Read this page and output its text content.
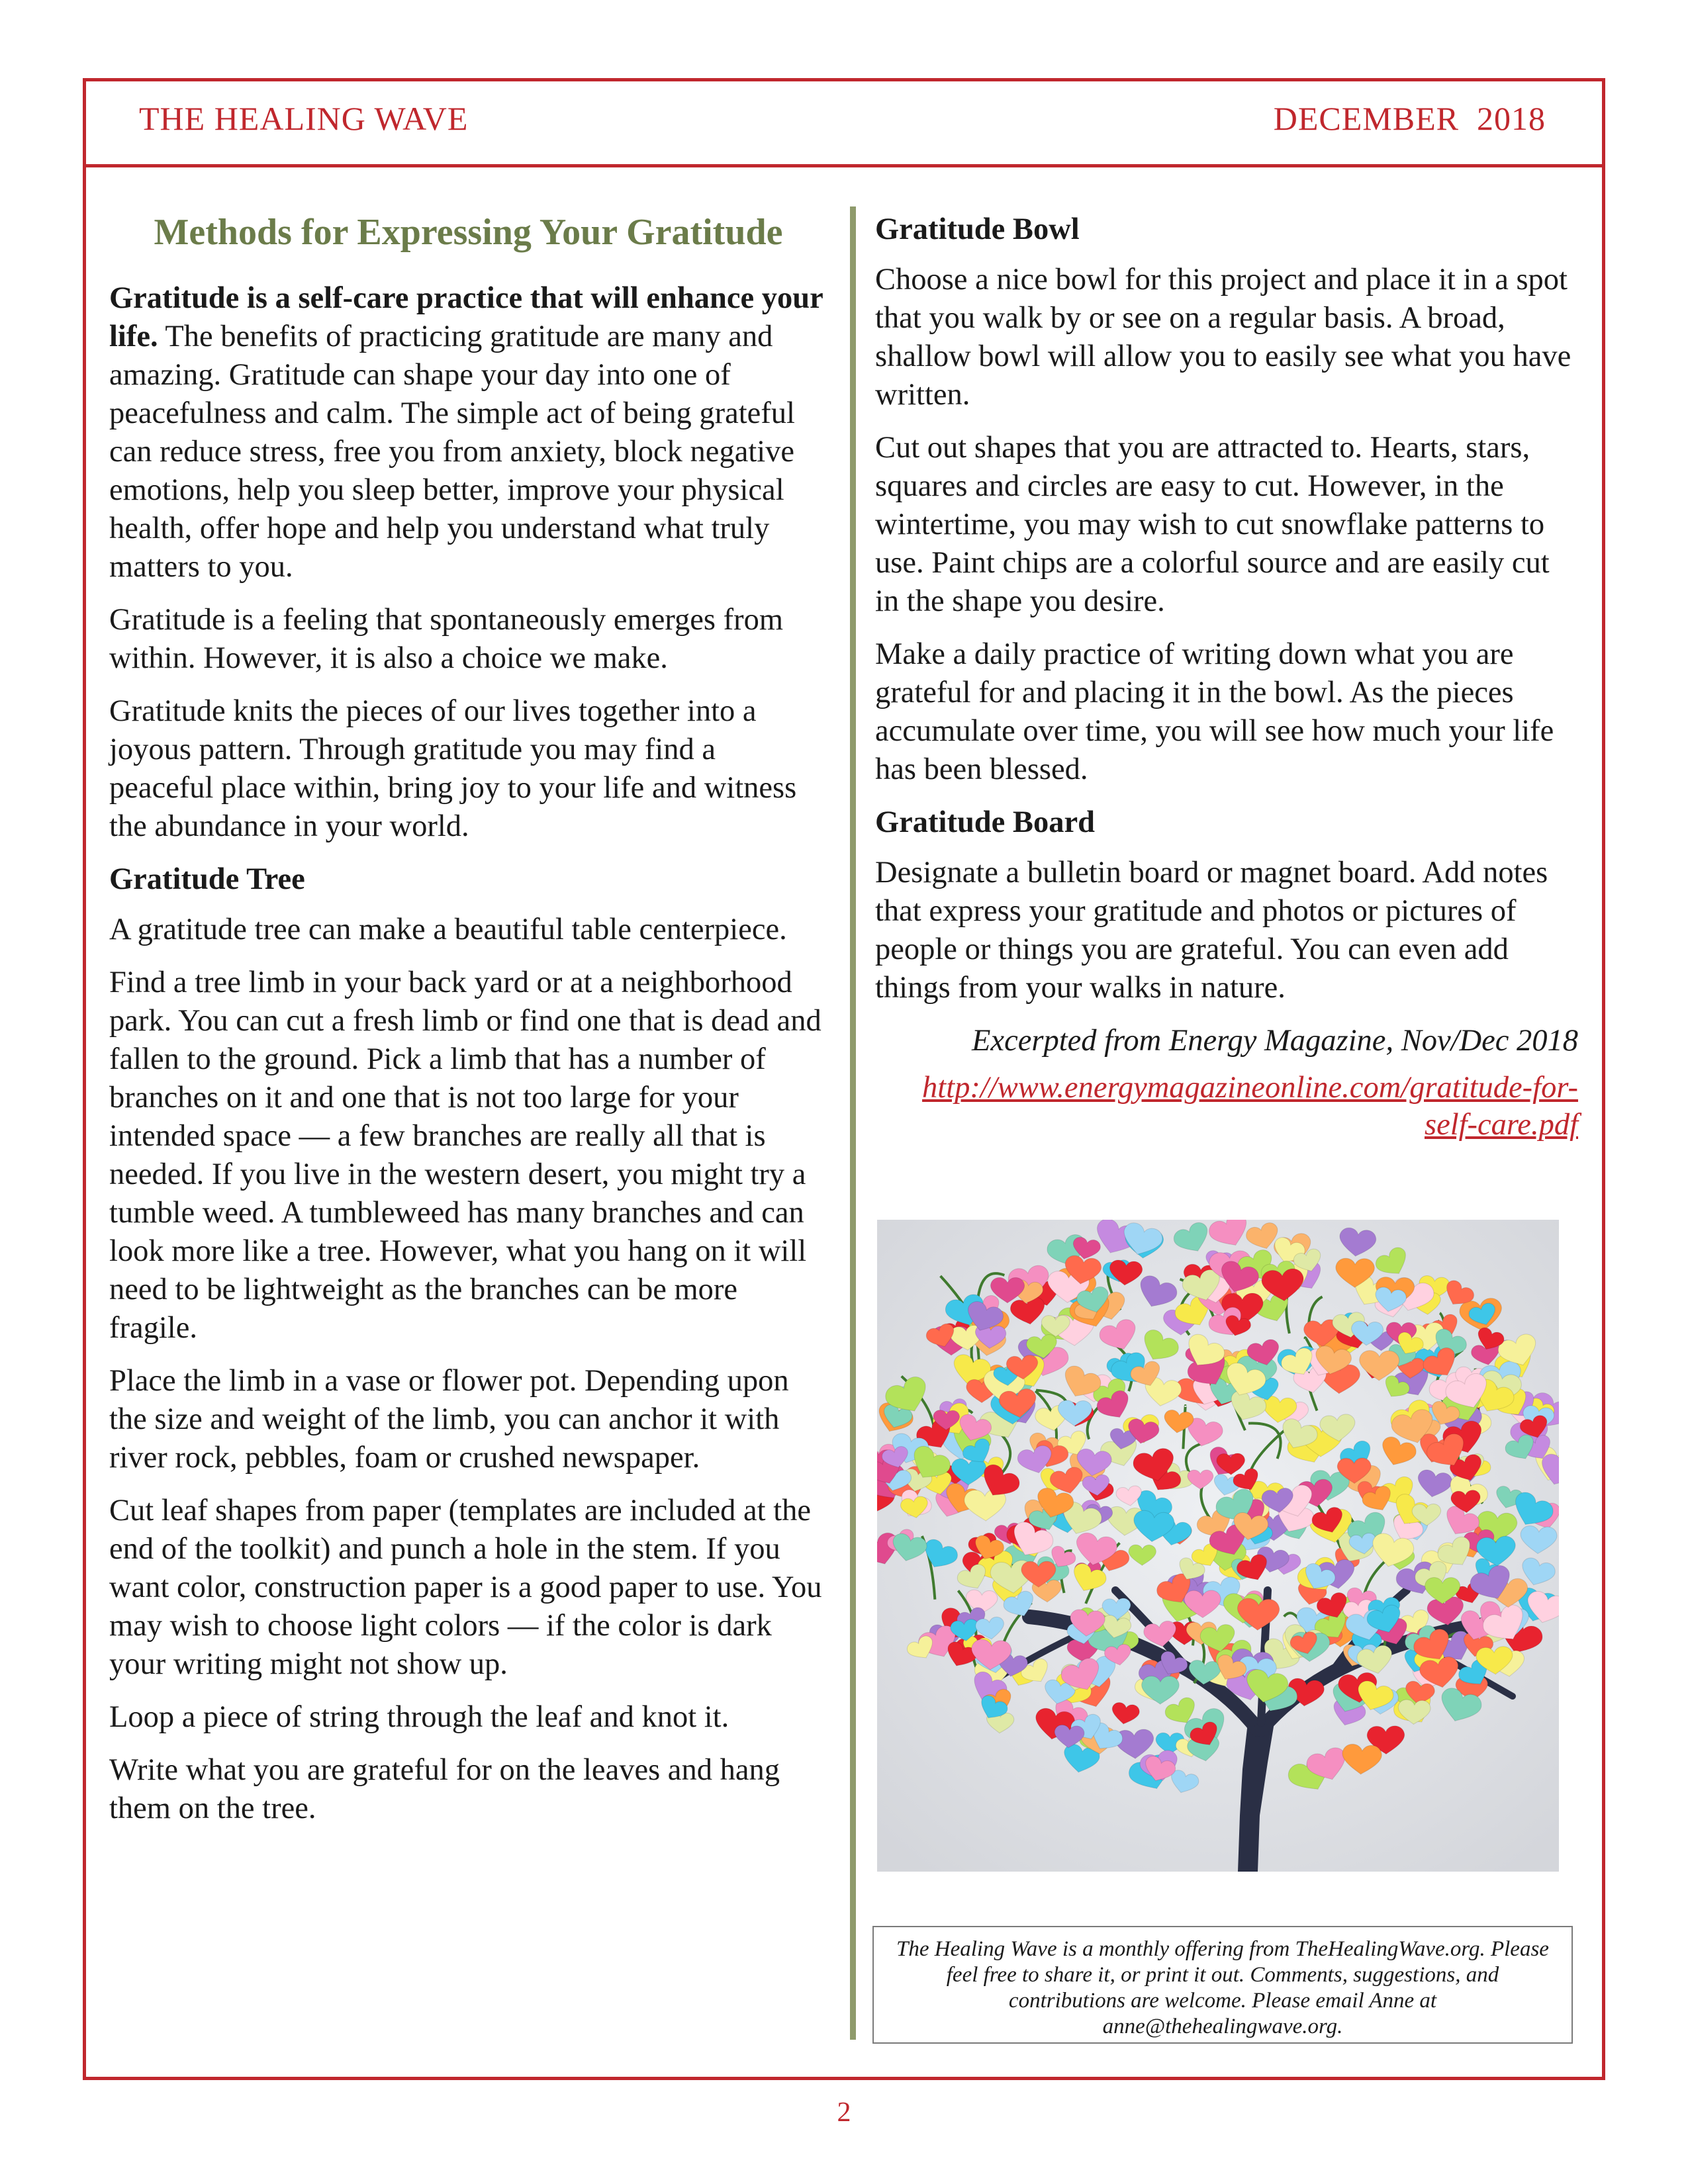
THE HEALING WAVE	DECEMBER  2018
Methods for Expressing Your Gratitude

Gratitude is a self-care practice that will enhance your life. The benefits of practicing gratitude are many and amazing. Gratitude can shape your day into one of peacefulness and calm. The simple act of being grateful can reduce stress, free you from anxiety, block negative emotions, help you sleep better, improve your physical health, offer hope and help you understand what truly matters to you.

Gratitude is a feeling that spontaneously emerges from within. However, it is also a choice we make.

Gratitude knits the pieces of our lives together into a joyous pattern. Through gratitude you may find a peaceful place within, bring joy to your life and witness the abundance in your world.

Gratitude Tree

A gratitude tree can make a beautiful table centerpiece.

Find a tree limb in your back yard or at a neighborhood park. You can cut a fresh limb or find one that is dead and fallen to the ground. Pick a limb that has a number of branches on it and one that is not too large for your intended space — a few branches are really all that is needed. If you live in the western desert, you might try a tumble weed. A tumbleweed has many branches and can look more like a tree. However, what you hang on it will need to be lightweight as the branches can be more fragile.

Place the limb in a vase or flower pot. Depending upon the size and weight of the limb, you can anchor it with river rock, pebbles, foam or crushed newspaper.

Cut leaf shapes from paper (templates are included at the end of the toolkit) and punch a hole in the stem. If you want color, construction paper is a good paper to use. You may wish to choose light colors — if the color is dark your writing might not show up.

Loop a piece of string through the leaf and knot it.

Write what you are grateful for on the leaves and hang them on the tree.

Gratitude Bowl

Choose a nice bowl for this project and place it in a spot that you walk by or see on a regular basis. A broad, shallow bowl will allow you to easily see what you have written.

Cut out shapes that you are attracted to. Hearts, stars, squares and circles are easy to cut. However, in the wintertime, you may wish to cut snowflake patterns to use. Paint chips are a colorful source and are easily cut in the shape you desire.

Make a daily practice of writing down what you are grateful for and placing it in the bowl. As the pieces accumulate over time, you will see how much your life has been blessed.

Gratitude Board

Designate a bulletin board or magnet board. Add notes that express your gratitude and photos or pictures of people or things you are grateful. You can even add things from your walks in nature.

Excerpted from Energy Magazine, Nov/Dec 2018
http://www.energymagazineonline.com/gratitude-for-self-care.pdf
The Healing Wave is a monthly offering from TheHealingWave.org. Please feel free to share it, or print it out. Comments, suggestions, and contributions are welcome. Please email Anne at anne@thehealingwave.org.
2
